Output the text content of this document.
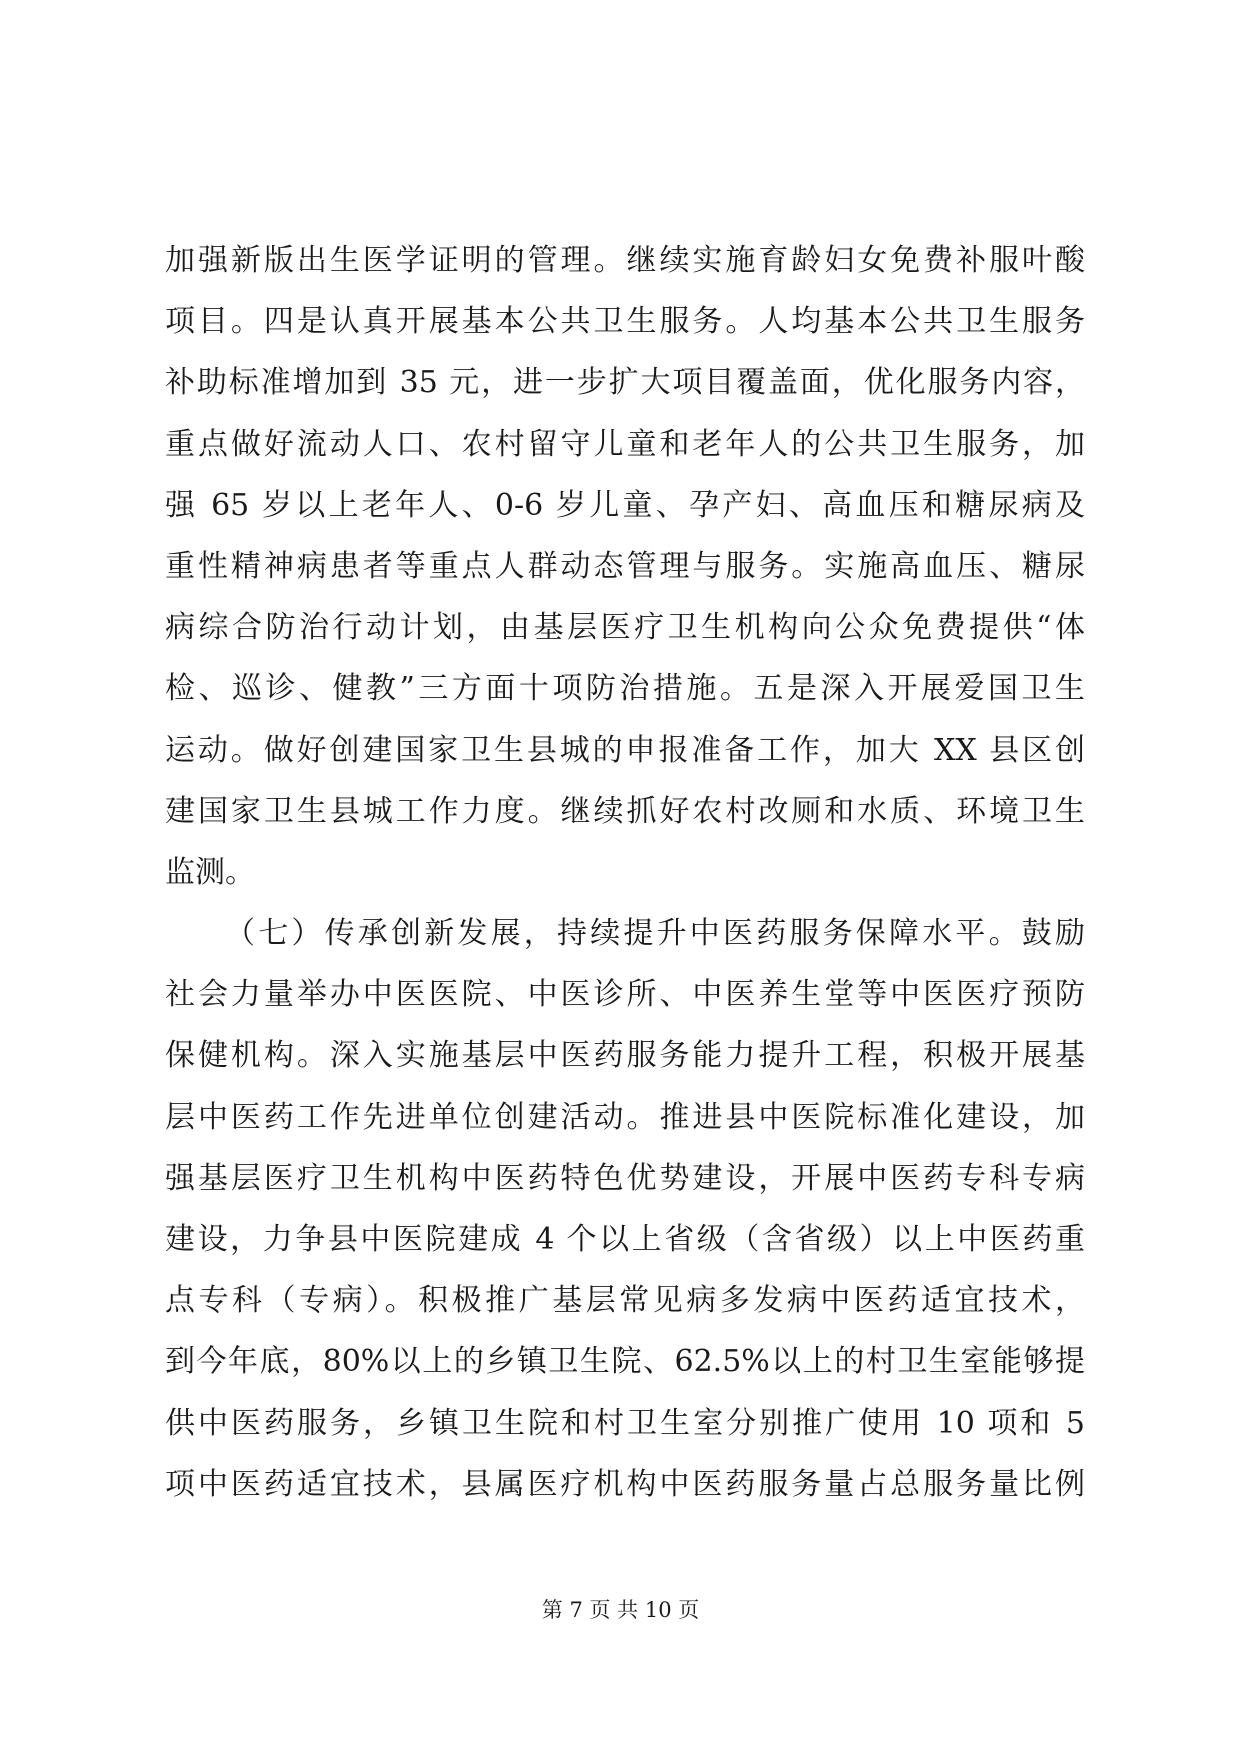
加强新版出生医学证明的管理。继续实施育龄妇女免费补服叶酸
项目。四是认真开展基本公共卫生服务。人均基本公共卫生服务
补助标准增加到 35 元，进一步扩大项目覆盖面，优化服务内容，
重点做好流动人口、农村留守儿童和老年人的公共卫生服务，加
强 65 岁以上老年人、0-6 岁儿童、孕产妇、高血压和糖尿病及
重性精神病患者等重点人群动态管理与服务。实施高血压、糖尿
病综合防治行动计划，由基层医疗卫生机构向公众免费提供“体
检、巡诊、健教”三方面十项防治措施。五是深入开展爱国卫生
运动。做好创建国家卫生县城的申报准备工作，加大 XX 县区创
建国家卫生县城工作力度。继续抓好农村改厕和水质、环境卫生
监测。
（七）传承创新发展，持续提升中医药服务保障水平。鼓励
社会力量举办中医医院、中医诊所、中医养生堂等中医医疗预防
保健机构。深入实施基层中医药服务能力提升工程，积极开展基
层中医药工作先进单位创建活动。推进县中医院标准化建设，加
强基层医疗卫生机构中医药特色优势建设，开展中医药专科专病
建设，力争县中医院建成 4 个以上省级（含省级）以上中医药重
点专科（专病）。积极推广基层常见病多发病中医药适宜技术，
到今年底，80%以上的乡镇卫生院、62.5%以上的村卫生室能够提
供中医药服务，乡镇卫生院和村卫生室分别推广使用 10 项和 5
项中医药适宜技术，县属医疗机构中医药服务量占总服务量比例
第 7 页 共 10 页
